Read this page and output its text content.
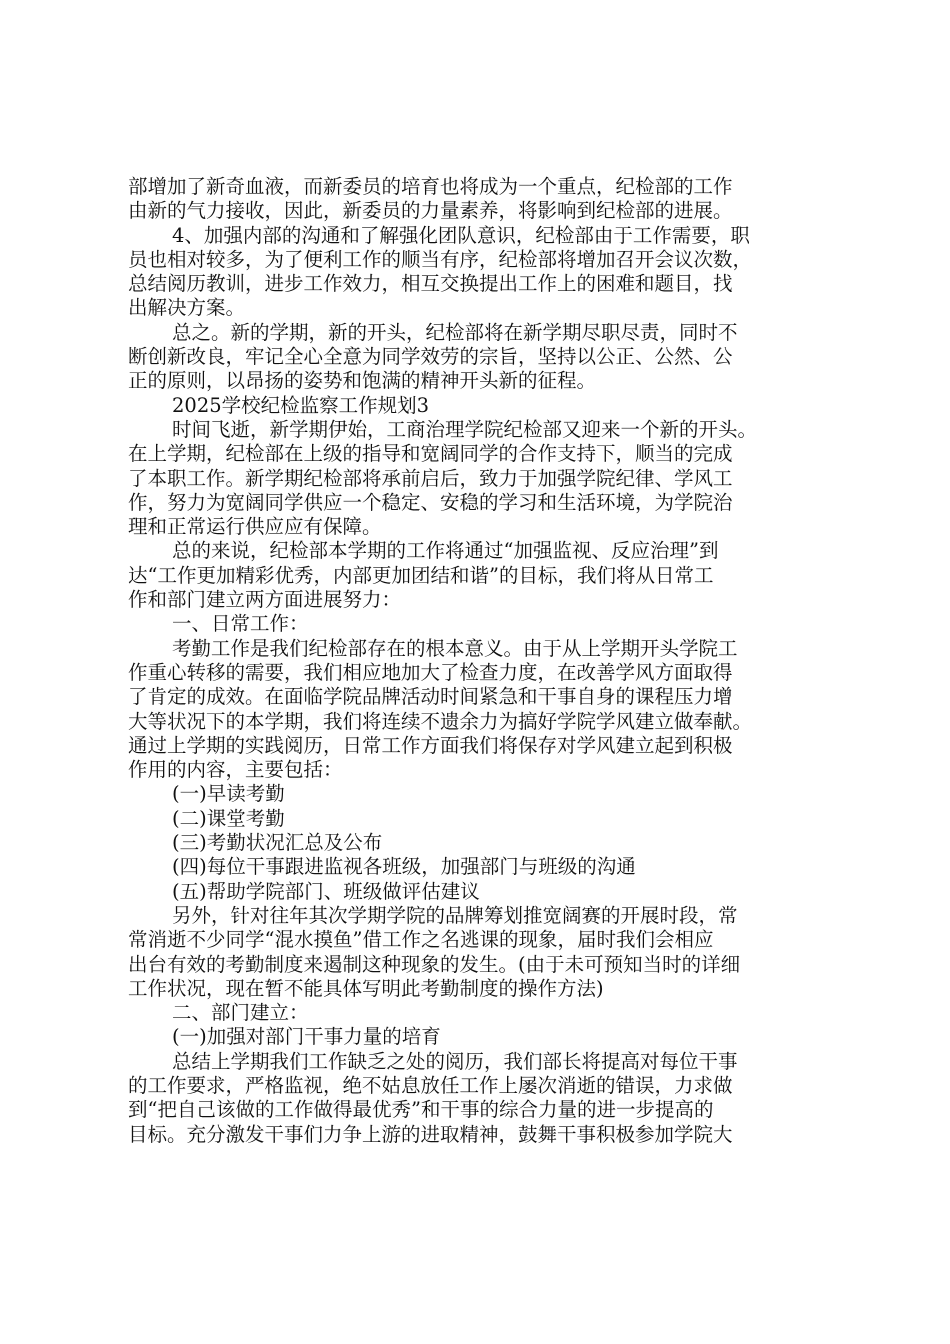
部增加了新奇血液，而新委员的培育也将成为一个重点，纪检部的工作
由新的气力接收，因此，新委员的力量素养，将影响到纪检部的进展。
4、加强内部的沟通和了解强化团队意识，纪检部由于工作需要，职
员也相对较多，为了便利工作的顺当有序，纪检部将增加召开会议次数，
总结阅历教训，进步工作效力，相互交换提出工作上的困难和题目，找
出解决方案。
总之。新的学期，新的开头，纪检部将在新学期尽职尽责，同时不
断创新改良，牢记全心全意为同学效劳的宗旨，坚持以公正、公然、公
正的原则，以昂扬的姿势和饱满的精神开头新的征程。
2025学校纪检监察工作规划3
时间飞逝，新学期伊始，工商治理学院纪检部又迎来一个新的开头。
在上学期，纪检部在上级的指导和宽阔同学的合作支持下，顺当的完成
了本职工作。新学期纪检部将承前启后，致力于加强学院纪律、学风工
作，努力为宽阔同学供应一个稳定、安稳的学习和生活环境，为学院治
理和正常运行供应应有保障。
总的来说，纪检部本学期的工作将通过“加强监视、反应治理”到
达“工作更加精彩优秀，内部更加团结和谐”的目标，我们将从日常工
作和部门建立两方面进展努力：
一、日常工作：
考勤工作是我们纪检部存在的根本意义。由于从上学期开头学院工
作重心转移的需要，我们相应地加大了检查力度，在改善学风方面取得
了肯定的成效。在面临学院品牌活动时间紧急和干事自身的课程压力增
大等状况下的本学期，我们将连续不遗余力为搞好学院学风建立做奉献。
通过上学期的实践阅历，日常工作方面我们将保存对学风建立起到积极
作用的内容，主要包括：
(一)早读考勤
(二)课堂考勤
(三)考勤状况汇总及公布
(四)每位干事跟进监视各班级，加强部门与班级的沟通
(五)帮助学院部门、班级做评估建议
另外，针对往年其次学期学院的品牌筹划推宽阔赛的开展时段，常
常消逝不少同学“混水摸鱼”借工作之名逃课的现象，届时我们会相应
出台有效的考勤制度来遏制这种现象的发生。(由于未可预知当时的详细
工作状况，现在暂不能具体写明此考勤制度的操作方法)
二、部门建立：
(一)加强对部门干事力量的培育
总结上学期我们工作缺乏之处的阅历，我们部长将提高对每位干事
的工作要求，严格监视，绝不姑息放任工作上屡次消逝的错误，力求做
到“把自己该做的工作做得最优秀”和干事的综合力量的进一步提高的
目标。充分激发干事们力争上游的进取精神，鼓舞干事积极参加学院大
